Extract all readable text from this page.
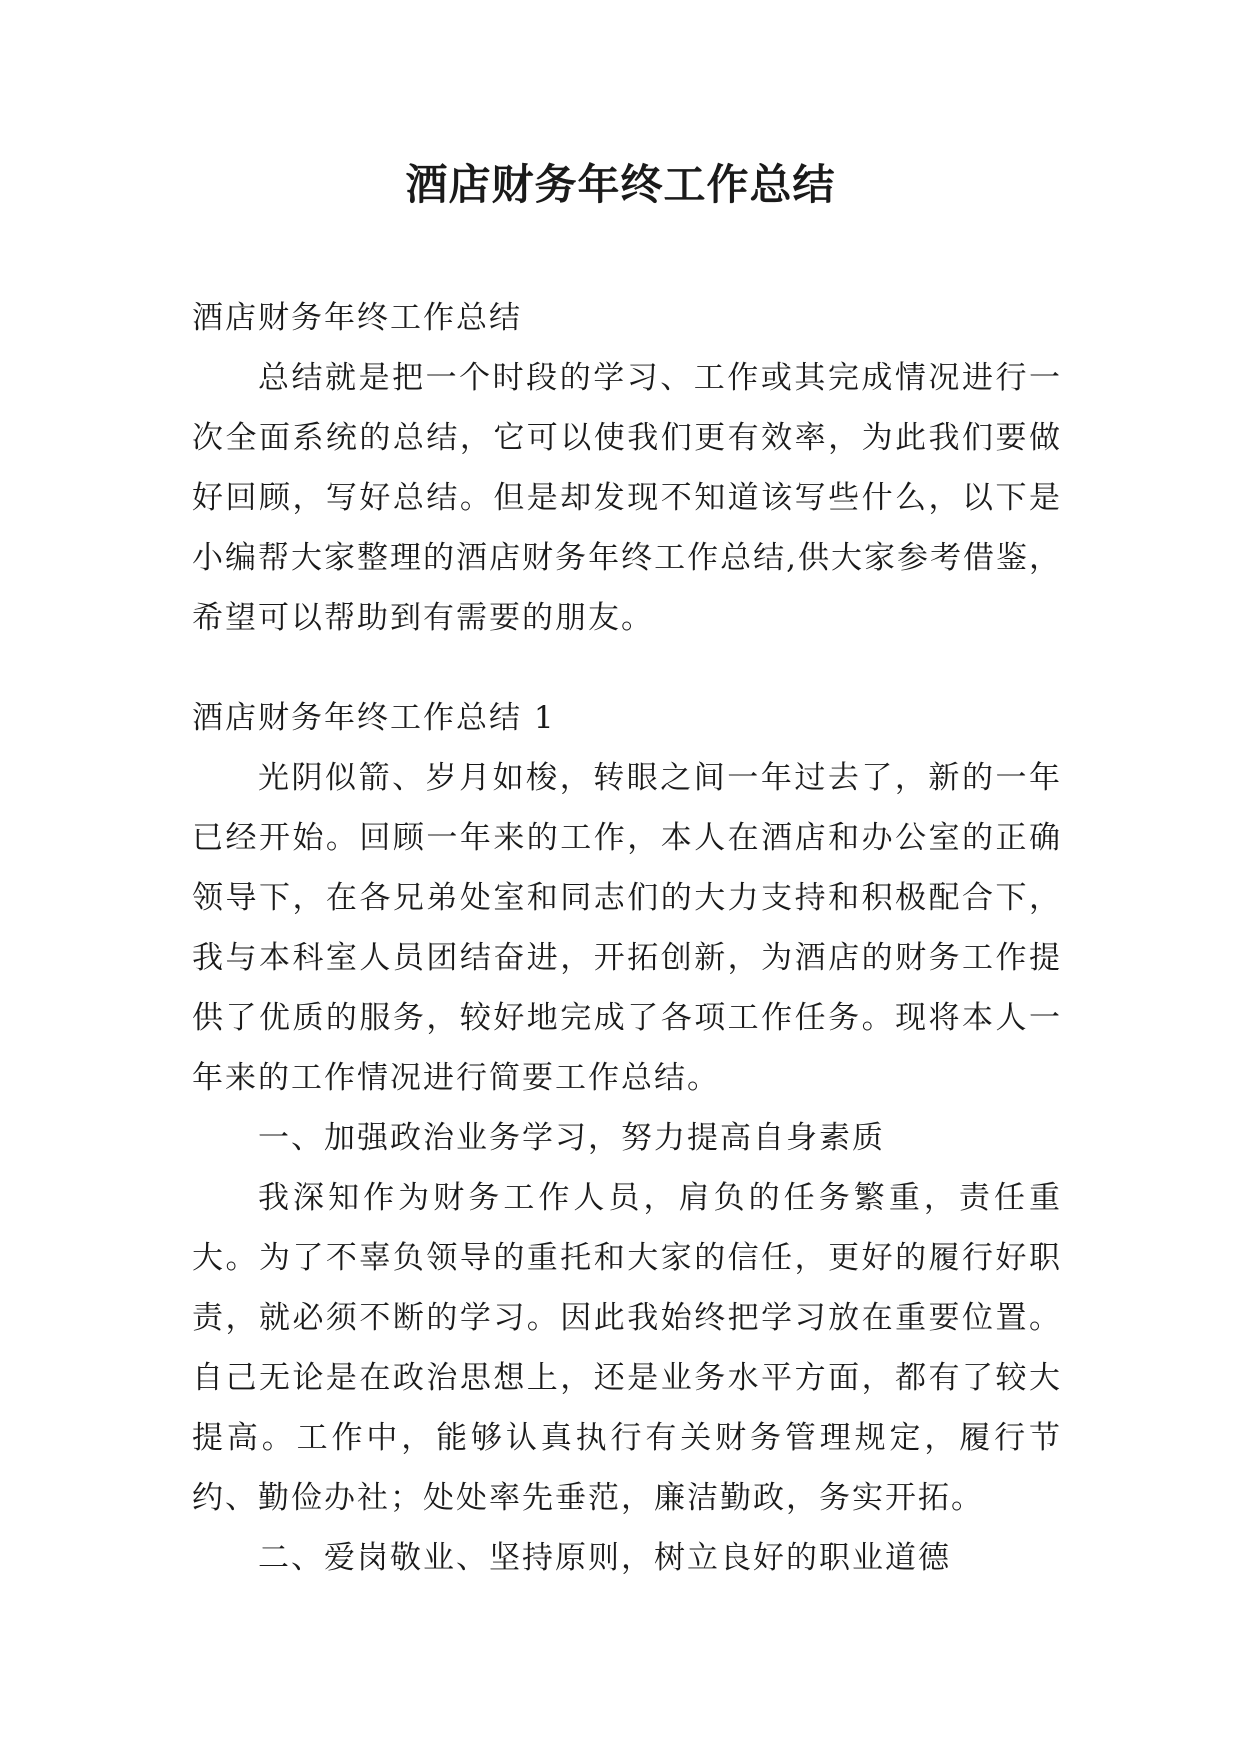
酒店财务年终工作总结

酒店财务年终工作总结

总结就是把一个时段的学习、工作或其完成情况进行一次全面系统的总结，它可以使我们更有效率，为此我们要做好回顾，写好总结。但是却发现不知道该写些什么，以下是小编帮大家整理的酒店财务年终工作总结,供大家参考借鉴，希望可以帮助到有需要的朋友。

酒店财务年终工作总结 1

光阴似箭、岁月如梭，转眼之间一年过去了，新的一年已经开始。回顾一年来的工作，本人在酒店和办公室的正确领导下，在各兄弟处室和同志们的大力支持和积极配合下，我与本科室人员团结奋进，开拓创新，为酒店的财务工作提供了优质的服务，较好地完成了各项工作任务。现将本人一年来的工作情况进行简要工作总结。

一、加强政治业务学习，努力提高自身素质

我深知作为财务工作人员，肩负的任务繁重，责任重大。为了不辜负领导的重托和大家的信任，更好的履行好职责，就必须不断的学习。因此我始终把学习放在重要位置。自己无论是在政治思想上，还是业务水平方面，都有了较大提高。工作中，能够认真执行有关财务管理规定，履行节约、勤俭办社；处处率先垂范，廉洁勤政，务实开拓。

二、爱岗敬业、坚持原则，树立良好的职业道德
